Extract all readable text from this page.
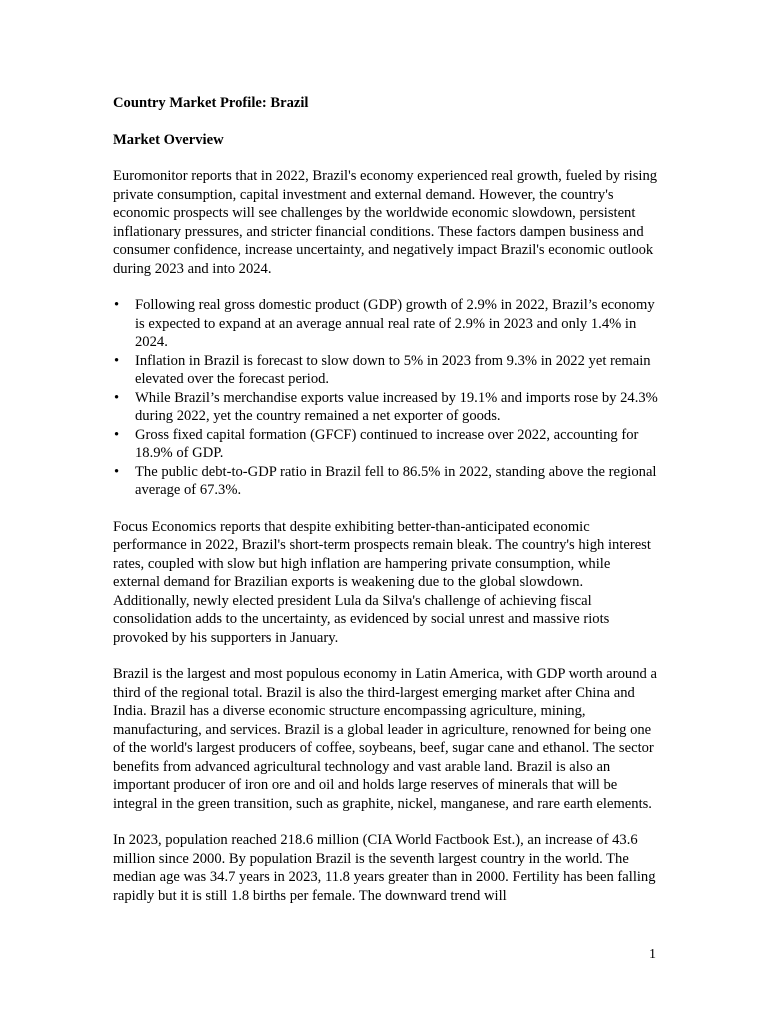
Country Market Profile: Brazil

Market Overview

Euromonitor reports that in 2022, Brazil's economy experienced real growth, fueled by rising private consumption, capital investment and external demand. However, the country's economic prospects will see challenges by the worldwide economic slowdown, persistent inflationary pressures, and stricter financial conditions. These factors dampen business and consumer confidence, increase uncertainty, and negatively impact Brazil's economic outlook during 2023 and into 2024.

• Following real gross domestic product (GDP) growth of 2.9% in 2022, Brazil’s economy is expected to expand at an average annual real rate of 2.9% in 2023 and only 1.4% in 2024.
• Inflation in Brazil is forecast to slow down to 5% in 2023 from 9.3% in 2022 yet remain elevated over the forecast period.
• While Brazil’s merchandise exports value increased by 19.1% and imports rose by 24.3% during 2022, yet the country remained a net exporter of goods.
• Gross fixed capital formation (GFCF) continued to increase over 2022, accounting for 18.9% of GDP.
• The public debt-to-GDP ratio in Brazil fell to 86.5% in 2022, standing above the regional average of 67.3%.

Focus Economics reports that despite exhibiting better-than-anticipated economic performance in 2022, Brazil's short-term prospects remain bleak. The country's high interest rates, coupled with slow but high inflation are hampering private consumption, while external demand for Brazilian exports is weakening due to the global slowdown. Additionally, newly elected president Lula da Silva's challenge of achieving fiscal consolidation adds to the uncertainty, as evidenced by social unrest and massive riots provoked by his supporters in January.

Brazil is the largest and most populous economy in Latin America, with GDP worth around a third of the regional total. Brazil is also the third-largest emerging market after China and India. Brazil has a diverse economic structure encompassing agriculture, mining, manufacturing, and services. Brazil is a global leader in agriculture, renowned for being one of the world's largest producers of coffee, soybeans, beef, sugar cane and ethanol. The sector benefits from advanced agricultural technology and vast arable land. Brazil is also an important producer of iron ore and oil and holds large reserves of minerals that will be integral in the green transition, such as graphite, nickel, manganese, and rare earth elements.

In 2023, population reached 218.6 million (CIA World Factbook Est.), an increase of 43.6 million since 2000. By population Brazil is the seventh largest country in the world. The median age was 34.7 years in 2023, 11.8 years greater than in 2000. Fertility has been falling rapidly but it is still 1.8 births per female. The downward trend will

1
